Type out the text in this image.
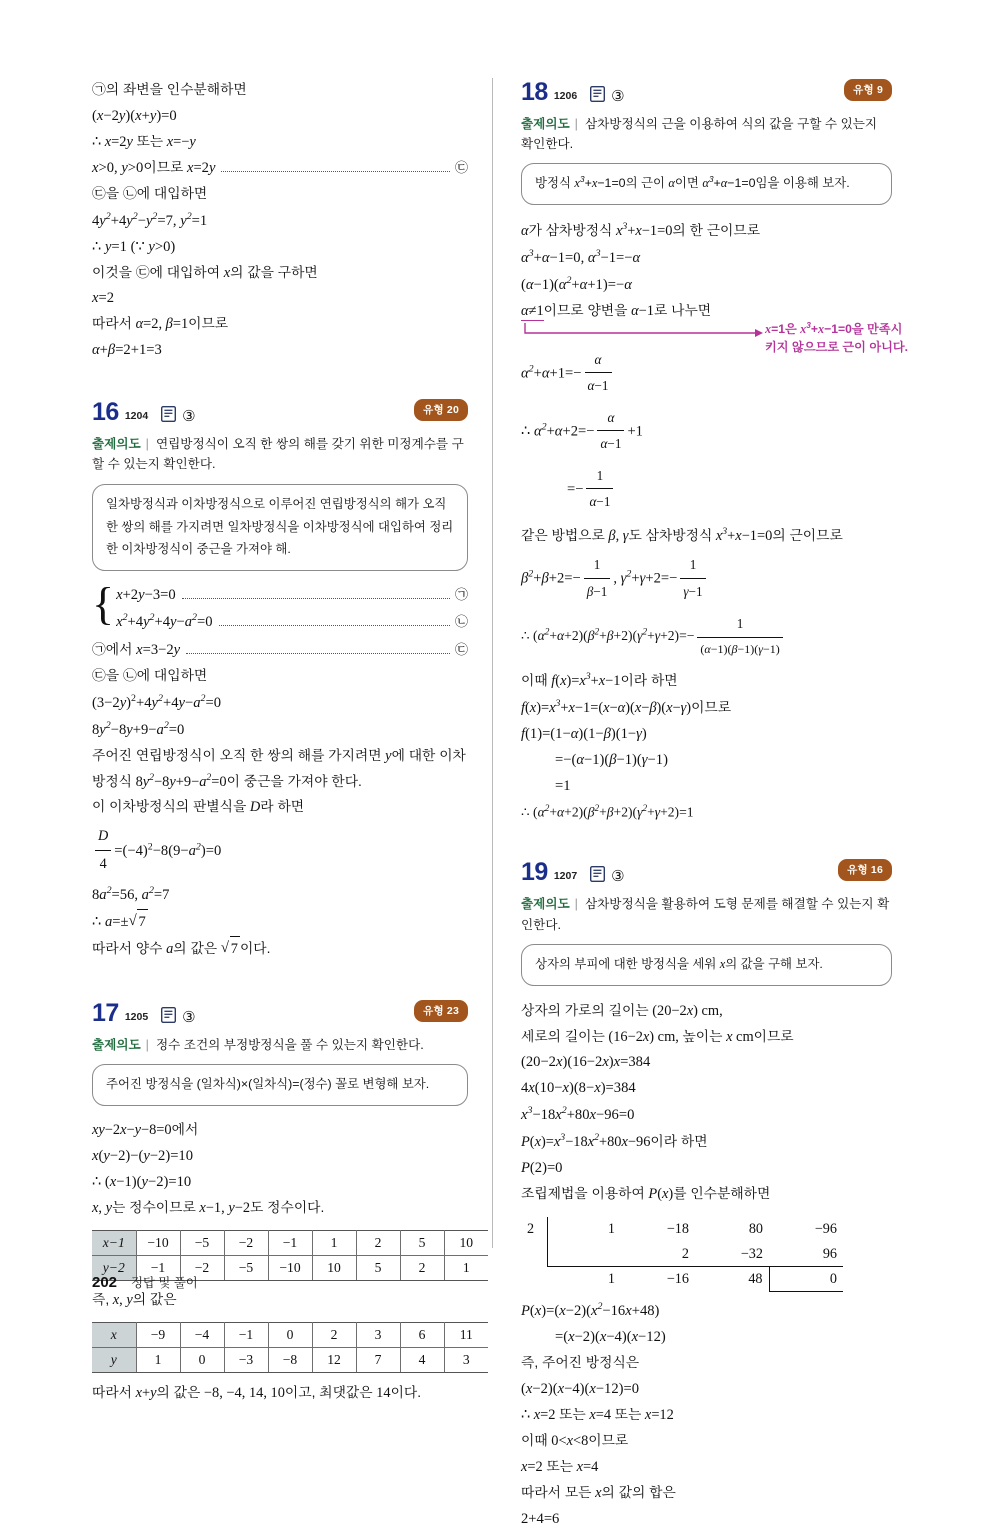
㉠의 좌변을 인수분해하면
(x−2y)(x+y)=0
∴ x=2y 또는 x=−y
x>0, y>0이므로 x=2y	㉢
㉢을 ㉡에 대입하면
$4y^2+4y^2-y^2=7$, $y^2=1$
∴ y=1 (∵ y>0)
이것을 ㉢에 대입하여 x의 값을 구하면
x=2
따라서 α=2, β=1이므로
α+β=2+1=3
16 1204 ③	유형 20
출제의도 | 연립방정식이 오직 한 쌍의 해를 갖기 위한 미정계수를 구할 수 있는지 확인한다.
일차방정식과 이차방정식으로 이루어진 연립방정식의 해가 오직 한 쌍의 해를 가지려면 일차방정식을 이차방정식에 대입하여 정리한 이차방정식이 중근을 가져야 해.
{ x+2y−3=0	㉠
$x^2+4y^2+4y-a^2=0$	㉡
㉠에서 x=3−2y	㉢
㉢을 ㉡에 대입하면
$(3-2y)^2+4y^2+4y-a^2=0$
$8y^2-8y+9-a^2=0$
주어진 연립방정식이 오직 한 쌍의 해를 가지려면 y에 대한 이차방정식 $8y^2-8y+9-a^2=0$이 중근을 가져야 한다.
이 이차방정식의 판별식을 D라 하면
$\frac{D}{4} =(-4)^2-8(9-a^2)=0$
$8a^2=56$, $a^2=7$
∴ a=± √ 7
따라서 양수 a의 값은 √ 7 이다.
17 1205 ③	유형 23
출제의도 | 정수 조건의 부정방정식을 풀 수 있는지 확인한다.
주어진 방정식을 (일차식)×(일차식)=(정수) 꼴로 변형해 보자.
xy−2x−y−8=0에서
x(y−2)−(y−2)=10
∴ (x−1)(y−2)=10
x, y는 정수이므로 x−1, y−2도 정수이다.
x−1	−10	−5	−2	−1	1	2	5	10
y−2	−1	−2	−5	−10	10	5	2	1
즉, x, y의 값은
x	−9	−4	−1	0	2	3	6	11
y	1	0	−3	−8	12	7	4	3
따라서 x+y의 값은 −8, −4, 14, 10이고, 최댓값은 14이다.
18 1206 ③	유형 9
출제의도 | 삼차방정식의 근을 이용하여 식의 값을 구할 수 있는지 확인한다.
방정식 $x^3+x-1=0$의 근이 α이면 $\alpha^3+\alpha-1=0$임을 이용해 보자.
α가 삼차방정식 $x^3+x-1=0$의 한 근이므로
$\alpha^3+\alpha-1=0$, $\alpha^3-1=-\alpha$
$(\alpha-1)(\alpha^2+\alpha+1)=-\alpha$
α≠1이므로 양변을 α−1로 나누면
x=1은 $x^3+x-1=0$을 만족시
키지 않으므로 근이 아니다.
$\alpha^2+\alpha+1=- \frac{\alpha}{\alpha-1}$
∴ $\alpha^2+\alpha+2=- \frac{\alpha}{\alpha-1} +1$
=− $\frac{1}{\alpha-1}$
같은 방법으로 β, γ도 삼차방정식 $x^3+x-1=0$의 근이므로
$\beta^2+\beta+2=- \frac{1}{\beta-1}$ , $\gamma^2+\gamma+2=- \frac{1}{\gamma-1}$
∴ $(\alpha^2+\alpha+2)(\beta^2+\beta+2)(\gamma^2+\gamma+2)=- \frac{1}{(\alpha-1)(\beta-1)(\gamma-1)}$
이때 $f(x)=x^3+x-1$이라 하면
$f(x)=x^3+x-1=(x-\alpha)(x-\beta)(x-\gamma)$이므로
f(1)=(1−α)(1−β)(1−γ)
=−(α−1)(β−1)(γ−1)
=1
∴ $(\alpha^2+\alpha+2)(\beta^2+\beta+2)(\gamma^2+\gamma+2)=1$
19 1207 ③	유형 16
출제의도 | 삼차방정식을 활용하여 도형 문제를 해결할 수 있는지 확인한다.
상자의 부피에 대한 방정식을 세워 x의 값을 구해 보자.
상자의 가로의 길이는 (20−2x) cm,
세로의 길이는 (16−2x) cm, 높이는 x cm이므로
(20−2x)(16−2x)x=384
4x(10−x)(8−x)=384
$x^3-18x^2+80x-96=0$
$P(x)=x^3-18x^2+80x-96$이라 하면
P(2)=0
조립제법을 이용하여 P(x)를 인수분해하면
2	1	−18	80	−96
		2	−32	96
	1	−16	48	0

$P(x)=(x-2)(x^2-16x+48)$
=(x−2)(x−4)(x−12)
즉, 주어진 방정식은
(x−2)(x−4)(x−12)=0
∴ x=2 또는 x=4 또는 x=12
이때 0<x<8이므로
x=2 또는 x=4
따라서 모든 x의 값의 합은
2+4=6
202 정답 및 풀이
